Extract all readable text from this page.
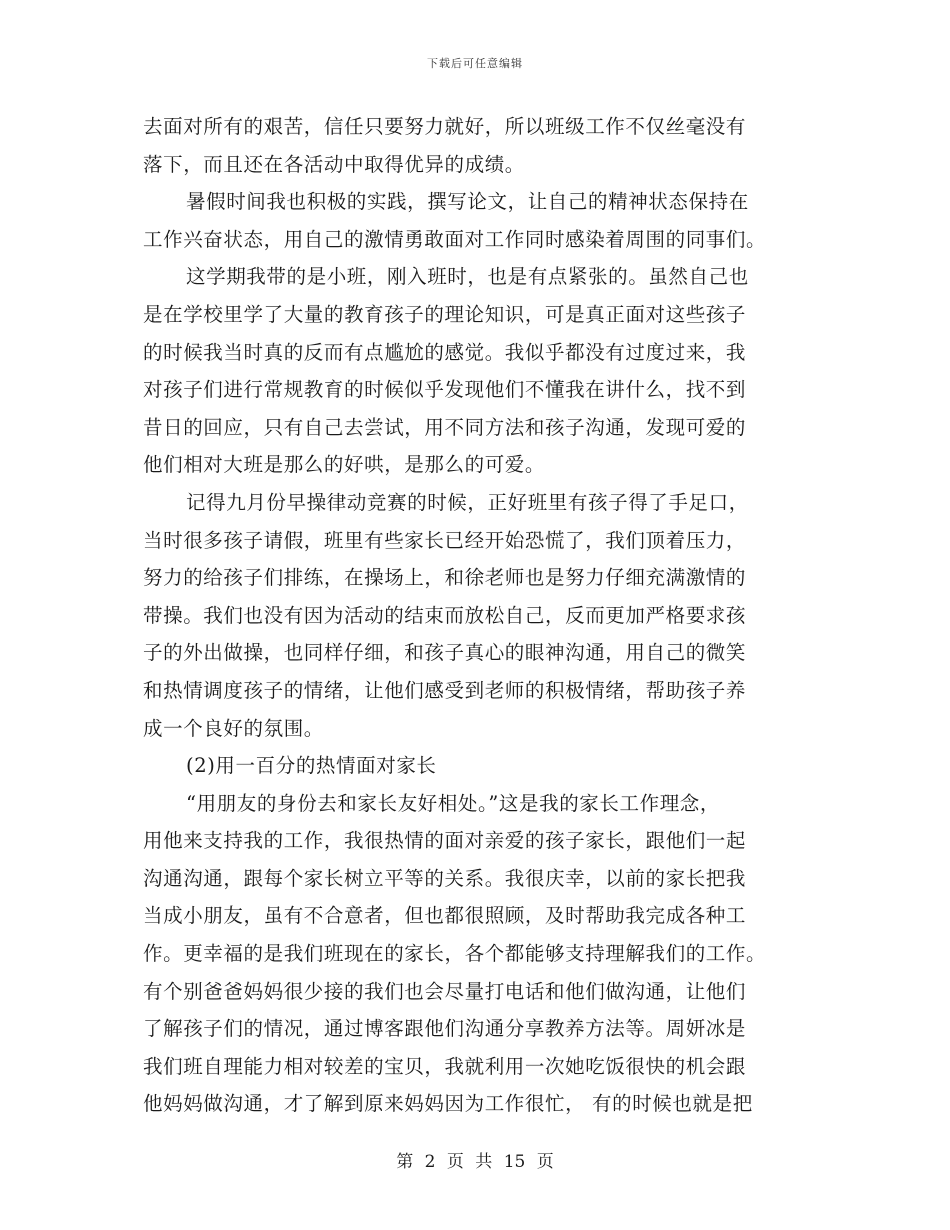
下载后可任意编辑
去面对所有的艰苦，信任只要努力就好，所以班级工作不仅丝毫没有
落下，而且还在各活动中取得优异的成绩。
暑假时间我也积极的实践，撰写论文，让自己的精神状态保持在
工作兴奋状态，用自己的激情勇敢面对工作同时感染着周围的同事们。
这学期我带的是小班，刚入班时，也是有点紧张的。虽然自己也
是在学校里学了大量的教育孩子的理论知识，可是真正面对这些孩子
的时候我当时真的反而有点尴尬的感觉。我似乎都没有过度过来，我
对孩子们进行常规教育的时候似乎发现他们不懂我在讲什么，找不到
昔日的回应，只有自己去尝试，用不同方法和孩子沟通，发现可爱的
他们相对大班是那么的好哄，是那么的可爱。
记得九月份早操律动竞赛的时候，正好班里有孩子得了手足口，
当时很多孩子请假，班里有些家长已经开始恐慌了，我们顶着压力，
努力的给孩子们排练，在操场上，和徐老师也是努力仔细充满激情的
带操。我们也没有因为活动的结束而放松自己，反而更加严格要求孩
子的外出做操，也同样仔细，和孩子真心的眼神沟通，用自己的微笑
和热情调度孩子的情绪，让他们感受到老师的积极情绪，帮助孩子养
成一个良好的氛围。
(2)用一百分的热情面对家长
“用朋友的身份去和家长友好相处。”这是我的家长工作理念，
用他来支持我的工作，我很热情的面对亲爱的孩子家长，跟他们一起
沟通沟通，跟每个家长树立平等的关系。我很庆幸，以前的家长把我
当成小朋友，虽有不合意者，但也都很照顾，及时帮助我完成各种工
作。更幸福的是我们班现在的家长，各个都能够支持理解我们的工作。
有个别爸爸妈妈很少接的我们也会尽量打电话和他们做沟通，让他们
了解孩子们的情况，通过博客跟他们沟通分享教养方法等。周妍冰是
我们班自理能力相对较差的宝贝，我就利用一次她吃饭很快的机会跟
他妈妈做沟通，才了解到原来妈妈因为工作很忙， 有的时候也就是把
第 2 页 共 15 页
